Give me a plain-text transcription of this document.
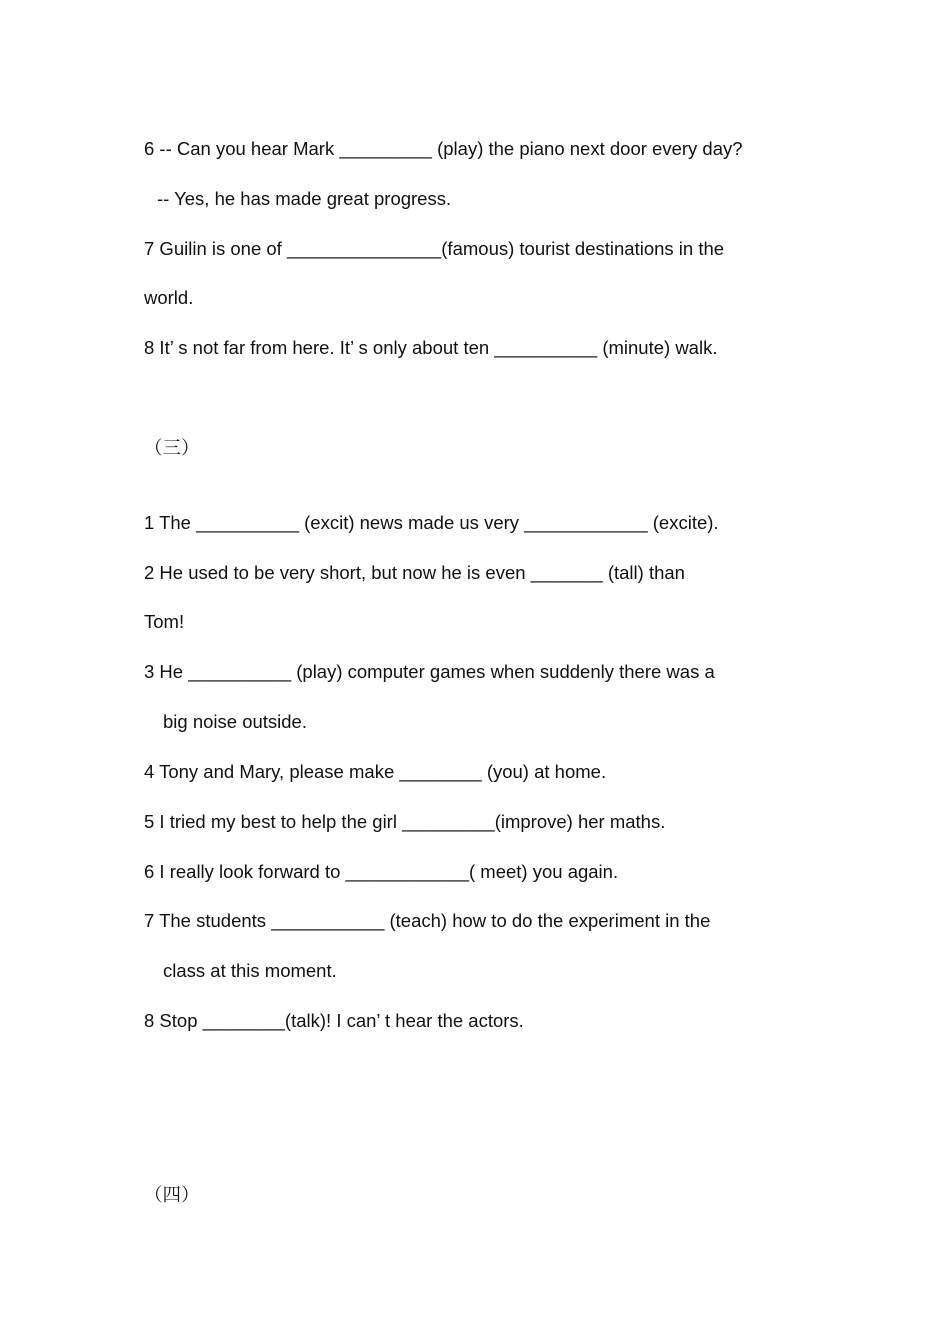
6 -- Can you hear Mark _________ (play) the piano next door every day?
-- Yes, he has made great progress.
7 Guilin is one of _______________(famous) tourist destinations in the
world.
8 It’ s not far from here. It’ s only about ten __________ (minute) walk.
（三）
1 The __________ (excit) news made us very ____________ (excite).
2 He used to be very short, but now he is even _______ (tall) than
Tom!
3 He __________ (play) computer games when suddenly there was a
big noise outside.
4 Tony and Mary, please make ________ (you) at home.
5 I tried my best to help the girl _________(improve) her maths.
6 I really look forward to ____________( meet) you again.
7 The students ___________ (teach) how to do the experiment in the
class at this moment.
8 Stop ________(talk)! I can’ t hear the actors.
（四）
